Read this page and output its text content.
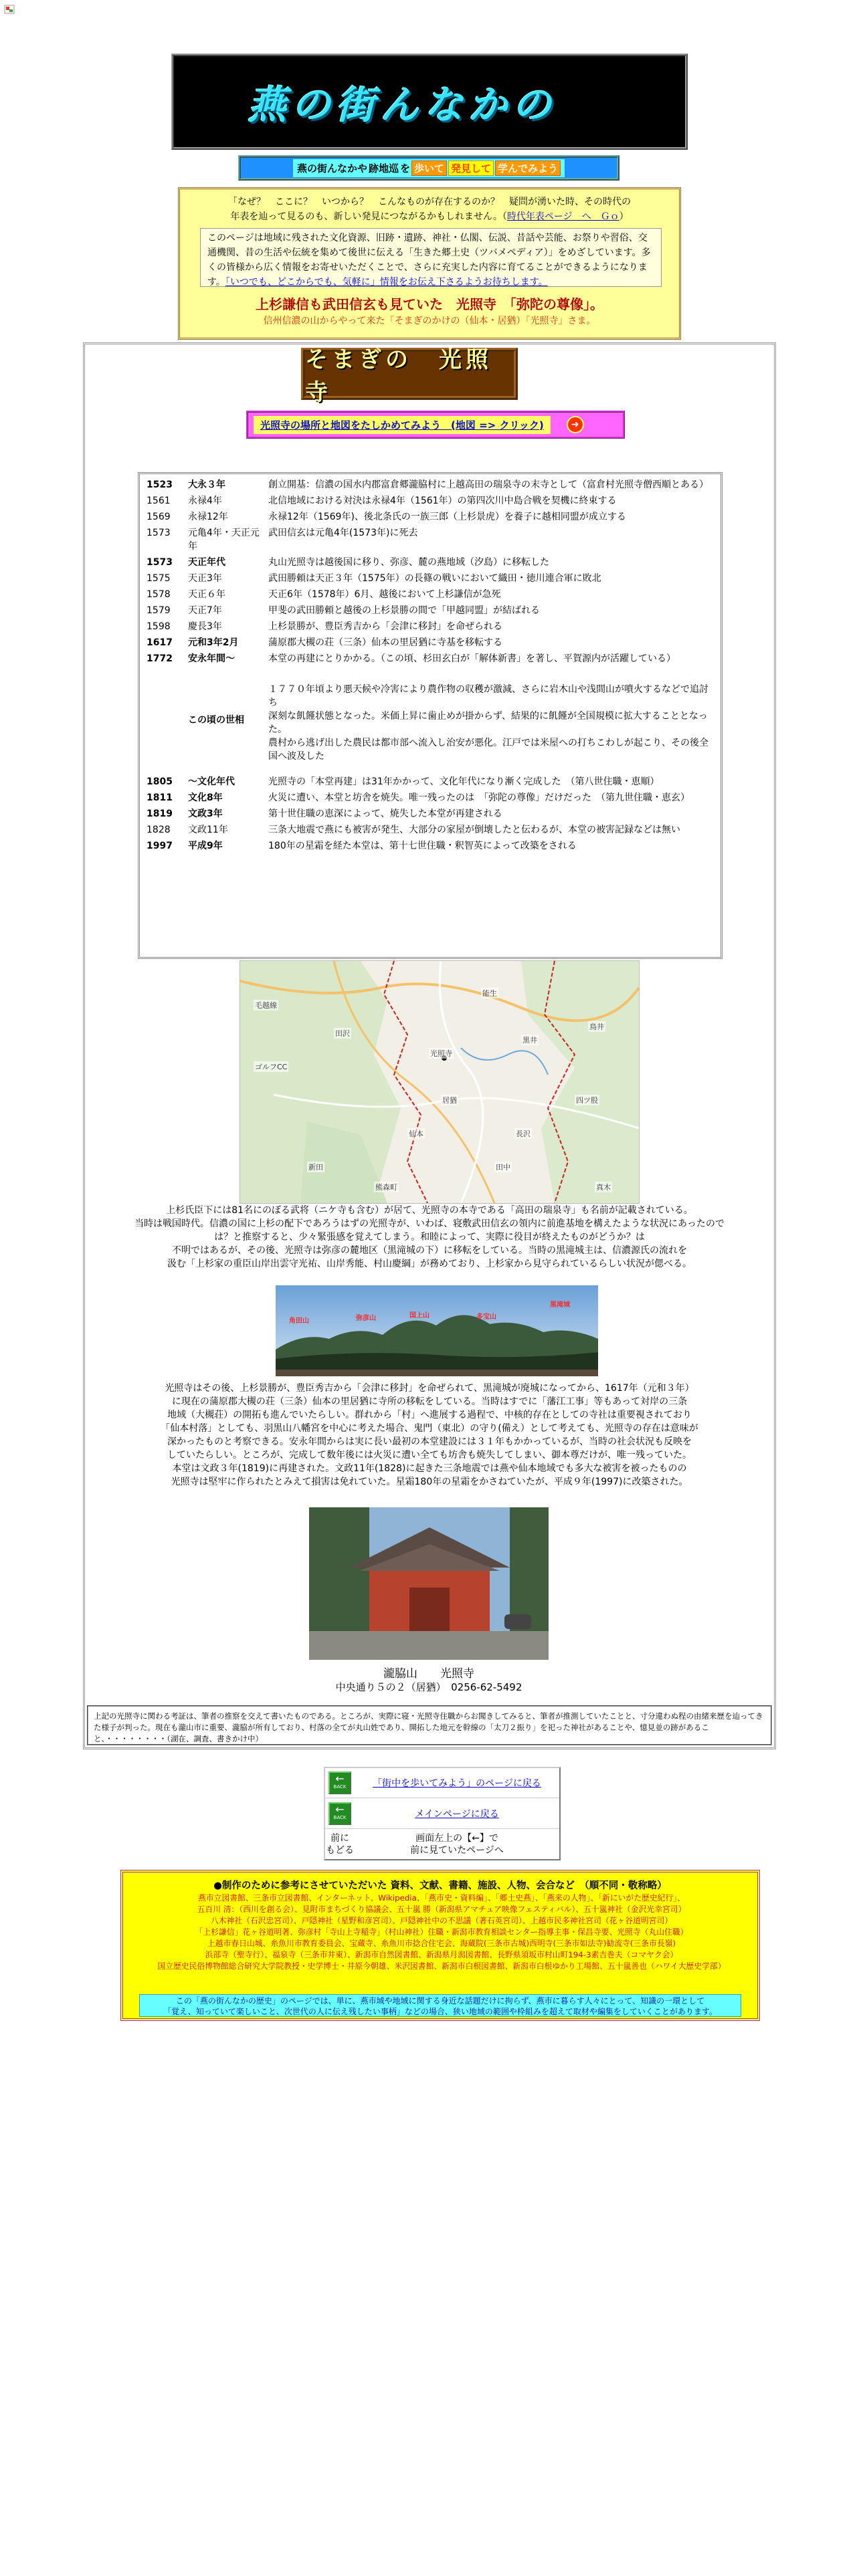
燕の街んなかの
燕の街んなかや 跡地巡 を 歩いて 発見して 学んでみよう
「なぜ？　ここに？　いつから？　こんなものが存在するのか？　疑問が湧いた時、その時代の
年表を辿って見るのも、新しい発見につながるかもしれません。（時代年表ページ　へ　Ｇｏ）
このページは地域に残された文化資源、旧跡・遺跡、神社・仏閣、伝説、昔話や芸能、お祭りや習俗、交通機関、昔の生活や伝統を集めて後世に伝える「生きた郷土史（ツバメペディア）」をめざしています。多くの皆様から広く情報をお寄せいただくことで、さらに充実した内容に育てることができるようになります。「いつでも、どこからでも、気軽に」情報をお伝え下さるようお待ちします。
上杉謙信も武田信玄も見ていた　光照寺　「弥陀の尊像」。
信州信濃の山からやって来た「そまぎのかけの（仙本・居猶）「光照寺」さま。
そまぎの　光照寺
光照寺の場所と地図をたしかめてみよう　(地図 => クリック)	➜
1523	大永３年	創立開基：信濃の国水内郡富倉郷瀧脇村に上越高田の瑞泉寺の末寺として（富倉村光照寺僧西順とある）
1561	永禄4年	北信地域における対決は永禄4年（1561年）の第四次川中島合戦を契機に終束する
1569	永禄12年	永禄12年（1569年)、後北条氏の一族三郎（上杉景虎）を養子に越相同盟が成立する
1573	元亀4年・天正元年	武田信玄は元亀4年(1573年)に死去
1573	天正年代	丸山光照寺は越後国に移り、弥彦、麓の燕地域（汐島）に移転した
1575	天正3年	武田勝頼は天正３年（1575年）の長篠の戦いにおいて織田・徳川連合軍に敗北
1578	天正６年	天正6年（1578年）6月、越後において上杉謙信が急死
1579	天正7年	甲斐の武田勝頼と越後の上杉景勝の間で「甲越同盟」が結ばれる
1598	慶長3年	上杉景勝が、豊臣秀吉から「会津に移封」を命ぜられる
1617	元和3年2月	蒲原郡大槻の荘（三条）仙本の里居猶に寺基を移転する
1772	安永年間～	本堂の再建にとりかかる。（この頃、杉田玄白が「解体新書」を著し、平賀源内が活躍している）
	この頃の世相	１７７０年頃より悪天候や冷害により農作物の収穫が激減、さらに岩木山や浅間山が噴火するなどで追討ち
深刻な飢饉状態となった。米価上昇に歯止めが掛からず、結果的に飢饉が全国規模に拡大することとなった。
農村から逃げ出した農民は都市部へ流入し治安が悪化。江戸では米屋への打ちこわしが起こり、その後全国へ波及した
1805	～文化年代	光照寺の「本堂再建」は31年かかって、文化年代になり漸く完成した　（第八世住職・恵順）
1811	文化8年	火災に遭い、本堂と坊舎を焼失。唯一残ったのは　「弥陀の尊像」だけだった　（第九世住職・恵玄）
1819	文政3年	第十世住職の恵深によって、焼失した本堂が再建される
1828	文政11年	三条大地震で燕にも被害が発生、大部分の家屋が倒壊したと伝わるが、本堂の被害記録などは無い
1997	平成9年	180年の星霜を経た本堂は、第十七世住職・釈智英によって改築をされる
毛越線
光照寺
能生
黒井
居猶
仙本
田沢
四ツ股
田中
鳥井
新田
ゴルフCC
長沢
熊森町	真木
上杉氏臣下には81名にのぼる武将（ニケ寺も含む）が居て、光照寺の本寺である「高田の瑞泉寺」も名前が記載されている。
当時は戦国時代。信濃の国に上杉の配下であろうはずの光照寺が、いわば、寝敷武田信玄の領内に前進基地を構えたような状況にあったのでは？と推察すると、少々緊張感を覚えてしまう。和睦によって、実際に役目が終えたものがどうか？は
不明ではあるが、その後、光照寺は弥彦の麓地区（黒滝城の下）に移転をしている。当時の黒滝城主は、信濃源氏の流れを
汲む「上杉家の重臣山岸出雲守光祐、山岸秀能、村山慶綱」が務めており、上杉家から見守られているらしい状況が偲べる。
角田山	弥彦山	国上山	多宝山
黒滝城
光照寺はその後、上杉景勝が、豊臣秀吉から「会津に移封」を命ぜられて、黒滝城が廃城になってから、1617年（元和３年）
に現在の蒲原郡大槻の荘（三条）仙本の里居猶に寺所の移転をしている。当時はすでに「藩江工事」等もあって対岸の三条
地域（大槻荘）の開拓も進んでいたらしい。群れから「村」へ進展する過程で、中核的存在としての寺社は重要視されており
「仙本村落」としても、羽黒山八幡宮を中心に考えた場合、鬼門（東北）の守り(備え）として考えても、光照寺の存在は意味が
深かったものと考察できる。安永年間からは実に長い最初の本堂建設には３１年もかかっているが、当時の社会状況も反映を
していたらしい。ところが、完成して数年後には火災に遭い全ても坊舎も焼失してしまい、御本尊だけが、唯一残っていた。
本堂は文政３年(1819)に再建された。文政11年(1828)に起きた三条地震では燕や仙本地域でも多大な被害を被ったものの
光照寺は堅牢に作られたとみえて損害は免れていた。星霜180年の星霜をかさねていたが、平成９年(1997)に改築された。
瀧脇山　　光照寺
中央通り５の２（居猶）　0256-62-5492
上記の光照寺に関わる考証は、筆者の推察を交えて書いたものである。ところが、実際に寝・光照寺住職からお聞きしてみると、筆者が推測していたことと、寸分違わぬ程の由緒来歴を辿ってきた様子が判った。現在も瀧山市に重要、瀧脇が所有しており、村落の全てが丸山姓であり、開拓した地元を幹線の「太刀２振り」を祀った神社があることや、憶見並の跡があること、・・・・・・・・（湖在、調査、書きかけ中）
←
BACK	「街中を歩いてみよう」のページに戻る
←
BACK	メインページに戻る
前に
もどる
画面左上の【←】で
前に見ていたページへ
●制作のために参考にさせていただいた 資料、文献、書籍、施設、人物、会合など　（順不同・敬称略）
燕市立図書館、三条市立図書館、インターネット、Wikipedia、「燕市史・資料編」、「郷土史燕」、「燕来の人物」、「新にいがた歴史紀行」、
五百川 清：（西川を創る会）、見附市まちづくり協議会、五十嵐 勝（新潟県アマチュア映像フェスティバル）、五十嵐神社（金沢光幸宮司）
八木神社（石沢忠宮司）、戸隠神社（星野和彦宮司）、戸隠神社中の不思議（著石英宮司）、上越市民多神社宮司（花ヶ谷道明宮司）
「上杉謙信」花ヶ谷道明著、弥彦村「寺山上寺稲寺」（村山神社）住職・新潟市教育相談センター指導主事・保昌寺要、光照寺（丸山住職）
上越市春日山城、糸魚川市教育委員会、宝蔵寺、糸魚川市捻合住宅会、海蔵院(三条市古城)西明寺(三条市如法寺)勧流寺(三条市長嶺)
浜部寺（聖寺行）、福泉寺（三条市井東）、新潟市自然図書館、新潟県月潟図書館、長野県須坂市村山町194-3素吉巻夫（コマヤク会）
国立歴史民俗博物館総合研究大学院教授・史学博士・井原今朝雄、米沢図書館、新潟市白根図書館、新潟市白根ゆかり工場館、五十嵐善也（ハワイ大歴史学部）
この「燕の街んなかの歴史」のページでは、単に、燕市域や地域に関する身近な話題だけに拘らず、燕市に暮らす人々にとって、知識の一環として
「覚え、知っていて楽しいこと、次世代の人に伝え残したい事柄」などの場合、狭い地域の範囲や枠組みを超えて取材や編集をしていくことがあります。
